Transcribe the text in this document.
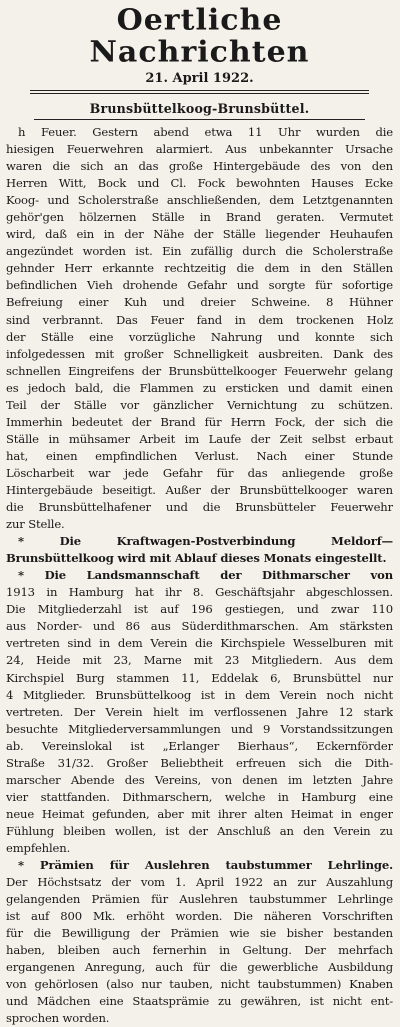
Oertliche Nachrichten
21. April 1922.
Brunsbüttelkoog-Brunsbüttel.
h Feuer. Gestern abend etwa 11 Uhr wurden die
hiesigen Feuerwehren alarmiert. Aus unbekannter Ursache
waren die sich an das große Hintergebäude des von den
Herren Witt, Bock und Cl. Fock bewohnten Hauses Ecke
Koog- und Scholerstraße anschließenden, dem Letztgenannten
gehör'gen hölzernen Ställe in Brand geraten. Vermutet
wird, daß ein in der Nähe der Ställe liegender Heuhaufen
angezündet worden ist. Ein zufällig durch die Scholerstraße
gehnder Herr erkannte rechtzeitig die dem in den Ställen
befindlichen Vieh drohende Gefahr und sorgte für sofortige
Befreiung einer Kuh und dreier Schweine. 8 Hühner
sind verbrannt. Das Feuer fand in dem trockenen Holz
der Ställe eine vorzügliche Nahrung und konnte sich
infolgedessen mit großer Schnelligkeit ausbreiten. Dank des
schnellen Eingreifens der Brunsbüttelkooger Feuerwehr gelang
es jedoch bald, die Flammen zu ersticken und damit einen
Teil der Ställe vor gänzlicher Vernichtung zu schützen.
Immerhin bedeutet der Brand für Herrn Fock, der sich die
Ställe in mühsamer Arbeit im Laufe der Zeit selbst erbaut
hat, einen empfindlichen Verlust. Nach einer Stunde
Löscharbeit war jede Gefahr für das anliegende große
Hintergebäude beseitigt. Außer der Brunsbüttelkooger waren
die Brunsbüttelhafener und die Brunsbütteler Feuerwehr
zur Stelle.
* Die Kraftwagen-Postverbindung Meldorf—
Brunsbüttelkoog wird mit Ablauf dieses Monats eingestellt.
* Die Landsmannschaft der Dithmarscher von
1913 in Hamburg hat ihr 8. Geschäftsjahr abgeschlossen.
Die Mitgliederzahl ist auf 196 gestiegen, und zwar 110
aus Norder- und 86 aus Süderdithmarschen. Am stärksten
vertreten sind in dem Verein die Kirchspiele Wesselburen mit
24, Heide mit 23, Marne mit 23 Mitgliedern. Aus dem
Kirchspiel Burg stammen 11, Eddelak 6, Brunsbüttel nur
4 Mitglieder. Brunsbüttelkoog ist in dem Verein noch nicht
vertreten. Der Verein hielt im verflossenen Jahre 12 stark
besuchte Mitgliederversammlungen und 9 Vorstandssitzungen
ab. Vereinslokal ist „Erlanger Bierhaus“, Eckernförder
Straße 31/32. Großer Beliebtheit erfreuen sich die Dith-
marscher Abende des Vereins, von denen im letzten Jahre
vier stattfanden. Dithmarschern, welche in Hamburg eine
neue Heimat gefunden, aber mit ihrer alten Heimat in enger
Fühlung bleiben wollen, ist der Anschluß an den Verein zu
empfehlen.
* Prämien für Auslehren taubstummer Lehrlinge.
Der Höchstsatz der vom 1. April 1922 an zur Auszahlung
gelangenden Prämien für Auslehren taubstummer Lehrlinge
ist auf 800 Mk. erhöht worden. Die näheren Vorschriften
für die Bewilligung der Prämien wie sie bisher bestanden
haben, bleiben auch fernerhin in Geltung. Der mehrfach
ergangenen Anregung, auch für die gewerbliche Ausbildung
von gehörlosen (also nur tauben, nicht taubstummen) Knaben
und Mädchen eine Staatsprämie zu gewähren, ist nicht ent-
sprochen worden.
